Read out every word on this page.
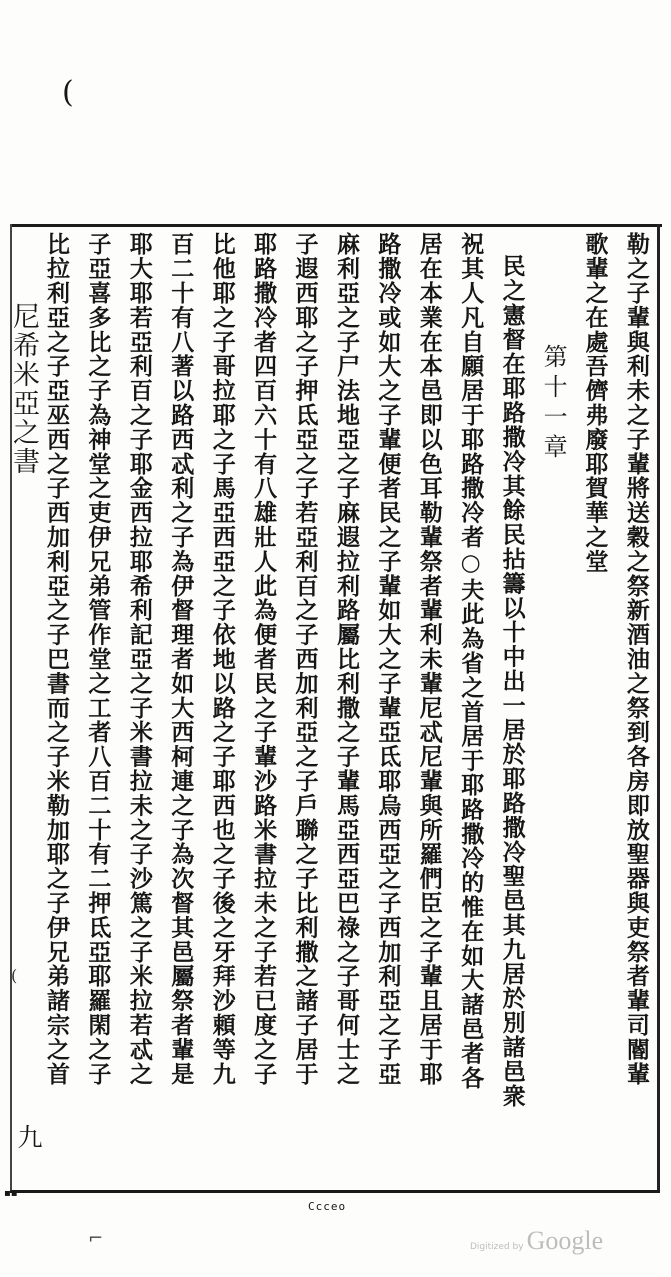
(
尼希米亞之書
(
九
勒之子輩與利未之子輩將送穀之祭新酒油之祭到各房即放聖器與吏祭者輩司閽輩
歌輩之在處吾儕弗廢耶賀華之堂
第十一章
民之憲督在耶路撒冷其餘民拈籌以十中出一居於耶路撒冷聖邑其九居於別諸邑衆
祝其人凡自願居于耶路撒冷者○夫此為省之首居于耶路撒冷的惟在如大諸邑者各
居在本業在本邑即以色耳勒輩祭者輩利未輩尼忒尼輩與所羅們臣之子輩且居于耶
路撒冷或如大之子輩便者民之子輩如大之子輩亞氐耶烏西亞之子西加利亞之子亞
麻利亞之子尸法地亞之子麻遐拉利路屬比利撒之子輩馬亞西亞巴祿之子哥何士之
子遐西耶之子押氐亞之子若亞利百之子西加利亞之子戶聯之子比利撒之諸子居于
耶路撒冷者四百六十有八雄壯人此為便者民之子輩沙路米書拉未之子若已度之子
比他耶之子哥拉耶之子馬亞西亞之子依地以路之子耶西也之子後之牙拜沙頼等九
百二十有八著以路西忒利之子為伊督理者如大西柯連之子為次督其邑屬祭者輩是
耶大耶若亞利百之子耶金西拉耶希利記亞之子米書拉未之子沙篤之子米拉若忒之
子亞喜多比之子為神堂之吏伊兄弟管作堂之工者八百二十有二押氐亞耶羅閑之子
比拉利亞之子亞巫西之子西加利亞之子巴書而之子米勒加耶之子伊兄弟諸宗之首
▪▪
Ccceo
⌐	Digitized by Google
